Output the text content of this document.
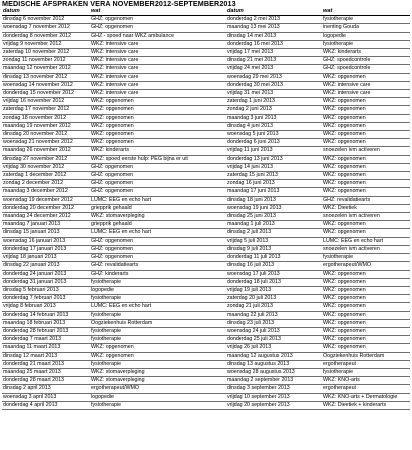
MEDISCHE AFSPRAKEN VERA NOVEMBER2012-SEPTEMBER2013
datum	wat	datum	wat
dinsdag 6 november 2012	GHZ: opgenomen	donderdag 2 mei 2013	fysiotherapie
woensdag 7 november 2012	GHZ: opgenomen	maandag 13 mei 2013	inenting Gouda
donderdag 8 november 2012	GHZ - spoed naar WKZ ambulance	dinsdag 14 mei 2013	logopedie
vrijdag 9 november 2012	WKZ: intensive care	donderdag 16 mei 2013	fysiotherapie
zaterdag 10 november 2012	WKZ: intensive care	vrijdag 17 mei 2013	WKZ: kinderarts
zondag 11 november 2012	WKZ: intensive care	dinsdag 21 mei 2013	GHZ: spoedcontrole
maandag 12 november 2012	WKZ: intensive care	vrijdag 24 mei 2013	GHZ: spoedcontrole
dinsdag 13 november 2012	WKZ: intensive care	woensdag 29 mei 2013	WKZ: opgenomen
woensdag 14 november 2012	WKZ: intensive care	donderdag 30 mei 2013	WKZ: intensive care
donderdag 15 november 2012	WKZ: intensive care	vrijdag 31 mei 2013	WKZ: intensive care
vrijdag 16 november 2012	WKZ: opgenomen	zaterdag 1 juni 2013	WKZ: opgenomen
zaterdag 17 november 2012	WKZ: opgenomen	zondag 2 juni 2013	WKZ: opgenomen
zondag 18 november 2012	WKZ: opgenomen	maandag 3 juni 2013	WKZ: opgenomen
maandag 19 november 2012	WKZ: opgenomen	dinsdag 4 juni 2013	WKZ: opgenomen
dinsdag 20 november 2012	WKZ: opgenomen	woensdag 5 juni 2013	WKZ: opgenomen
woensdag 21 november 2012	WKZ: opgenomen	donderdag 6 juni 2013	WKZ: opgenomen
maandag 26 november 2012	WKZ: kinderarts	vrijdag 11 juni 2013	snoezelen ivm activeren
dinsdag 27 november 2012	WKZ: spoed eerste hulp: PEG bijna er uit	donderdag 13 juni 2013	WKZ: opgenomen
vrijdag 30 november 2012	GHZ: opgenomen	vrijdag 14 juni 2013	WKZ: opgenomen
zaterdag 1 december 2012	GHZ: opgenomen	zaterdag 15 juni 2013	WKZ: opgenomen
zondag 2 december 2012	GHZ: opgenomen	zondag 16 juni 2013	WKZ: opgenomen
maandag 3 december 2012	GHZ: opgenomen	maandag 17 juni 2013	WKZ: opgenomen
woensdag 19 december 2012	LUMC: EEG en echo hart	dinsdag 18 juni 2013	GHZ: revalidatiearts
donderdag 20 december 2012	griepprik gehaald	woensdag 19 juni 2013	WKZ: Dieetiek
maandag 24 december 2012	WKZ: stomaverpleging	dinsdag 25 juni 2013	snoezelen ivm activeren
maandag 7 januari 2013	griepprik gehaald	maandag 1 juli 2013	WKZ: opgenomen
dinsdag 15 januari 2013	LUMC: EEG en echo hart	dinsdag 2 juli 2013	WKZ: opgenomen
woensdag 16 januari 2013	GHZ: opgenomen	vrijdag 5 juli 2013	LUMC: EEG en echo hart
donderdag 17 januari 2013	GHZ: opgenomen	dinsdag 9 juli 2013	snoezelen ivm activeren
vrijdag 18 januari 2013	GHZ: opgenomen	donderdag 11 juli 2013	fysiotherapie
dinsdag 22 januari 2013	GHZ: revalidatiearts	dinsdag 16 juli 2013	ergotherapeut/WMO
donderdag 24 januari 2013	GHZ: kinderarts	woensdag 17 juli 2013	WKZ: opgenomen
donderdag 31 januari 2013	fysiotherapie	donderdag 18 juli 2013	WKZ: opgenomen
dinsdag 5 februari 2013	logopedie	vrijdag 19 juli 2013	WKZ: opgenomen
donderdag 7 februari 2013	fysiotherapie	zaterdag 20 juli 2013	WKZ: opgenomen
vrijdag 8 februari 2013	LUMC: EEG en echo hart	zondag 21 juli 2013	WKZ: opgenomen
donderdag 14 februari 2013	fysiotherapie	maandag 22 juli 2013	WKZ: opgenomen
maandag 18 februari 2013	Oogziekenhuis Rotterdam	dinsdag 23 juli 2013	WKZ: opgenomen
donderdag 28 februari 2013	fysiotherapie	woensdag 24 juli 2013	WKZ: opgenomen
donderdag 7 maart 2013	fysiotherapie	donderdag 25 juli 2013	WKZ: opgenomen
maandag 11 maart 2013	WKZ: opgenomen	vrijdag 26 juli 2013	WKZ: opgenomen
dinsdag 12 maart 2013	WKZ: opgenomen	maandag 12 augustus 2013	Oogziekenhuis Rotterdam
donderdag 21 maart 2013	fysiotherapie	dinsdag 13 augustus 2013	ergotherapeut
maandag 25 maart 2013	WKZ: stomaverpleging	woensdag 28 augustus 2013	fysiotherapie
donderdag 28 maart 2013	WKZ: stomaverpleging	maandag 2 september 2013	WKZ: KNO-arts
dinsdag 2 april 2013	ergotherapeut/WMO	dinsdag 3 september 2013	ergotherapeut
woensdag 3 april 2013	logopedie	vrijdag 10 september 2013	WKZ: KNO-arts + Dermatologie
donderdag 4 april 2013	fysiotherapie	vrijdag 20 september 2013	WKZ: Dieetiek + kinderarts
